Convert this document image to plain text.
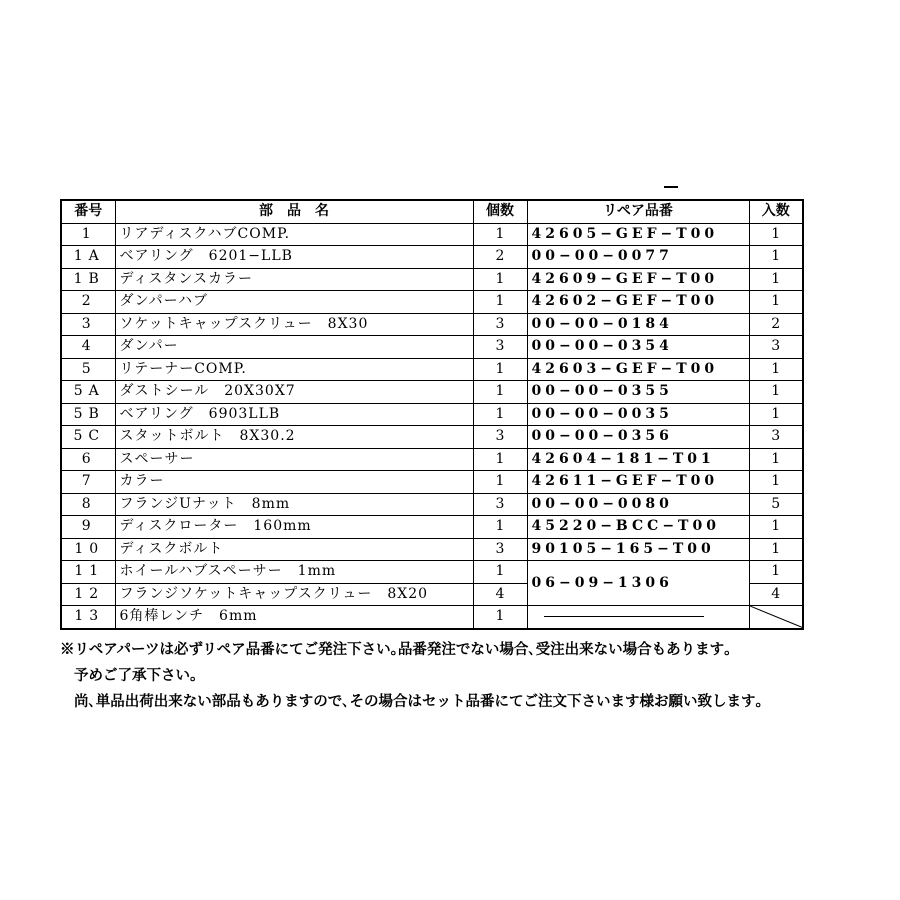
番号	部　品　名	個数	リペア品番	入数
1	リアディスクハブCOMP.	1	42605−GEF−T00	1
1A	ベアリング　6201−LLB	2	00−00−0077	1
1B	ディスタンスカラー	1	42609−GEF−T00	1
2	ダンパーハブ	1	42602−GEF−T00	1
3	ソケットキャップスクリュー　8X30	3	00−00−0184	2
4	ダンパー	3	00−00−0354	3
5	リテーナーCOMP.	1	42603−GEF−T00	1
5A	ダストシール　20X30X7	1	00−00−0355	1
5B	ベアリング　6903LLB	1	00−00−0035	1
5C	スタットボルト　8X30.2	3	00−00−0356	3
6	スペーサー	1	42604−181−T01	1
7	カラー	1	42611−GEF−T00	1
8	フランジUナット　8mm	3	00−00−0080	5
9	ディスクローター　160mm	1	45220−BCC−T00	1
10	ディスクボルト	3	90105−165−T00	1
11	ホイールハブスペーサー　1mm	1	06−09−1306	1
12	フランジソケットキャップスクリュー　8X20	4		4
13	6角棒レンチ　6mm	1	

※リペアパーツは必ずリペア品番にてご発注下さい｡品番発注でない場合､受注出来ない場合もあります｡

予めご了承下さい｡

尚､単品出荷出来ない部品もありますので､その場合はセット品番にてご注文下さいます様お願い致します｡
